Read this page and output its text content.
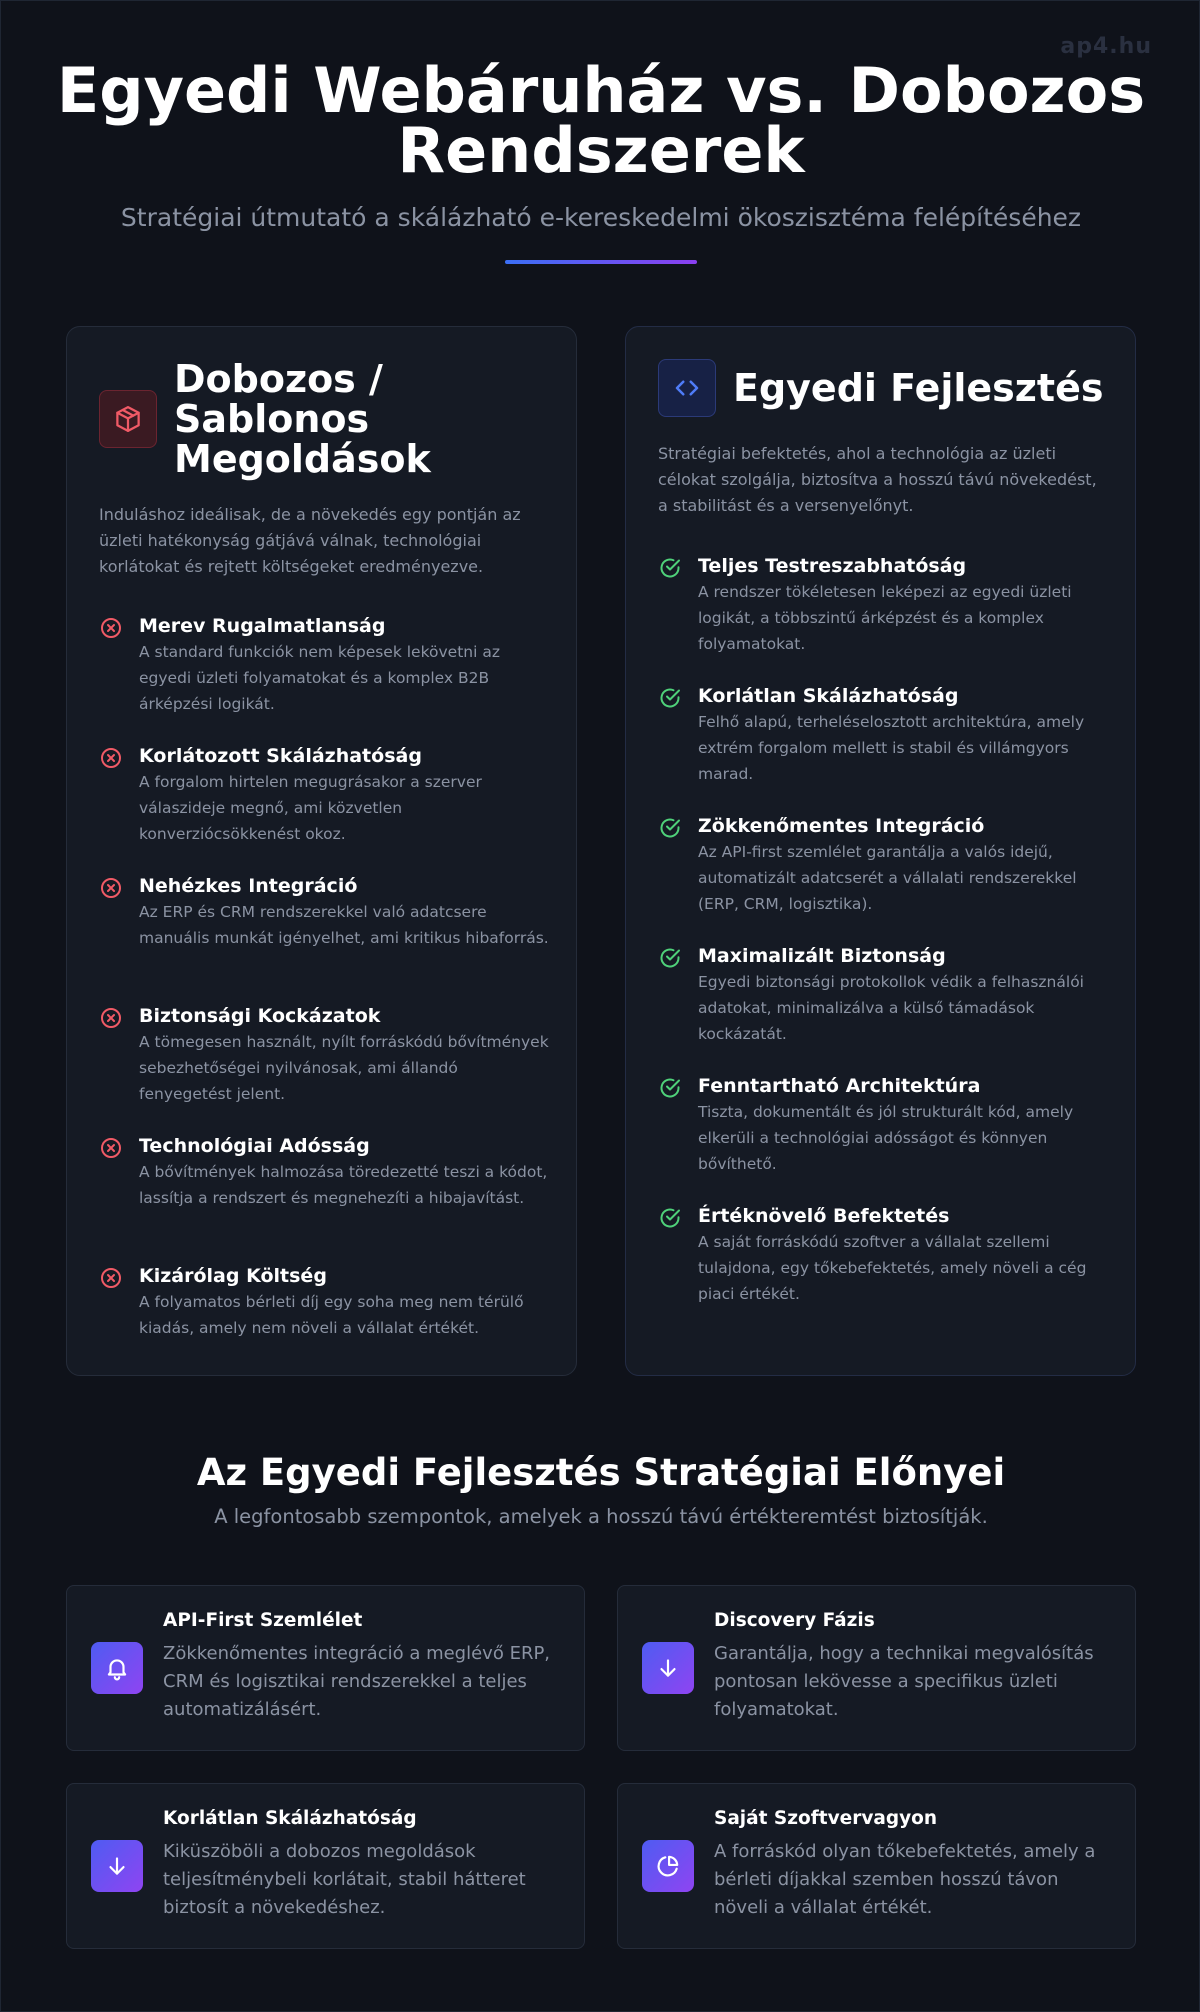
ap4.hu
Egyedi Webáruház vs. Dobozos Rendszerek

Stratégiai útmutató a skálázható e-kereskedelmi ökoszisztéma felépítéséhez

Dobozos / Sablonos Megoldások

Induláshoz ideálisak, de a növekedés egy pontján az üzleti hatékonyság gátjává válnak, technológiai korlátokat és rejtett költségeket eredményezve.

Merev Rugalmatlanság
A standard funkciók nem képesek lekövetni az egyedi üzleti folyamatokat és a komplex B2B árképzési logikát.
Korlátozott Skálázhatóság
A forgalom hirtelen megugrásakor a szerver válaszideje megnő, ami közvetlen konverziócsökkenést okoz.
Nehézkes Integráció
Az ERP és CRM rendszerekkel való adatcsere manuális munkát igényelhet, ami kritikus hibaforrás.
Biztonsági Kockázatok
A tömegesen használt, nyílt forráskódú bővítmények sebezhetőségei nyilvánosak, ami állandó fenyegetést jelent.
Technológiai Adósság
A bővítmények halmozása töredezetté teszi a kódot, lassítja a rendszert és megnehezíti a hibajavítást.
Kizárólag Költség
A folyamatos bérleti díj egy soha meg nem térülő kiadás, amely nem növeli a vállalat értékét.
Egyedi Fejlesztés

Stratégiai befektetés, ahol a technológia az üzleti célokat szolgálja, biztosítva a hosszú távú növekedést, a stabilitást és a versenyelőnyt.

Teljes Testreszabhatóság
A rendszer tökéletesen leképezi az egyedi üzleti logikát, a többszintű árképzést és a komplex folyamatokat.
Korlátlan Skálázhatóság
Felhő alapú, terheléselosztott architektúra, amely extrém forgalom mellett is stabil és villámgyors marad.
Zökkenőmentes Integráció
Az API-first szemlélet garantálja a valós idejű, automatizált adatcserét a vállalati rendszerekkel (ERP, CRM, logisztika).
Maximalizált Biztonság
Egyedi biztonsági protokollok védik a felhasználói adatokat, minimalizálva a külső támadások kockázatát.
Fenntartható Architektúra
Tiszta, dokumentált és jól strukturált kód, amely elkerüli a technológiai adósságot és könnyen bővíthető.
Értéknövelő Befektetés
A saját forráskódú szoftver a vállalat szellemi tulajdona, egy tőkebefektetés, amely növeli a cég piaci értékét.
Az Egyedi Fejlesztés Stratégiai Előnyei

A legfontosabb szempontok, amelyek a hosszú távú értékteremtést biztosítják.

API-First Szemlélet
Zökkenőmentes integráció a meglévő ERP, CRM és logisztikai rendszerekkel a teljes automatizálásért.
Discovery Fázis
Garantálja, hogy a technikai megvalósítás pontosan lekövesse a specifikus üzleti folyamatokat.
Korlátlan Skálázhatóság
Kiküszöböli a dobozos megoldások teljesítménybeli korlátait, stabil hátteret biztosít a növekedéshez.
Saját Szoftvervagyon
A forráskód olyan tőkebefektetés, amely a bérleti díjakkal szemben hosszú távon növeli a vállalat értékét.
